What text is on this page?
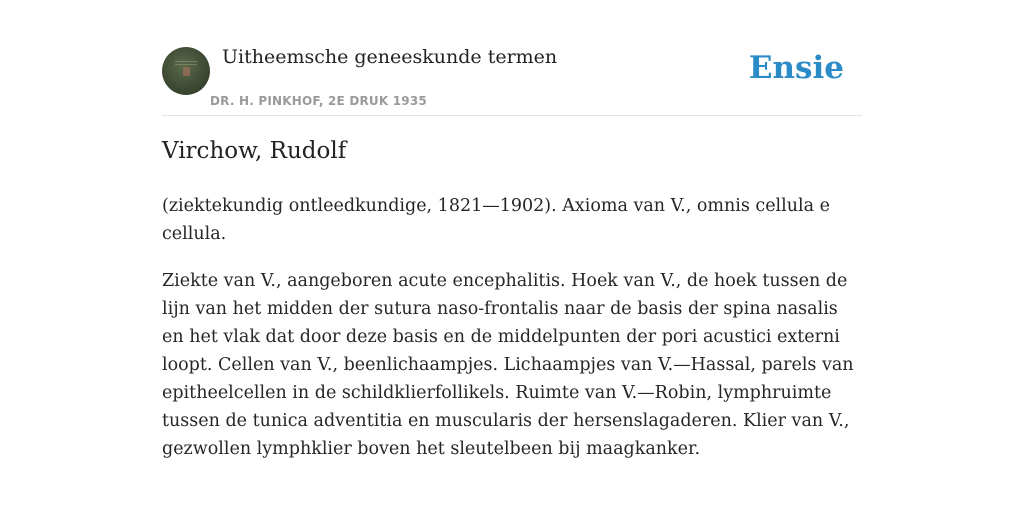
Uitheemsche geneeskunde termen
DR. H. PINKHOF, 2E DRUK 1935
Ensie
Virchow, Rudolf

(ziektekundig ontleedkundige, 1821—1902). Axioma van V., omnis cellula e cellula.

Ziekte van V., aangeboren acute encephalitis. Hoek van V., de hoek tussen de lijn van het midden der sutura naso-frontalis naar de basis der spina nasalis en het vlak dat door deze basis en de middelpunten der pori acustici externi loopt. Cellen van V., beenlichaampjes. Lichaampjes van V.—Hassal, parels van epitheelcellen in de schildklierfollikels. Ruimte van V.—Robin, lymphruimte tussen de tunica adventitia en muscularis der hersenslagaderen. Klier van V., gezwollen lymphklier boven het sleutelbeen bij maagkanker.
